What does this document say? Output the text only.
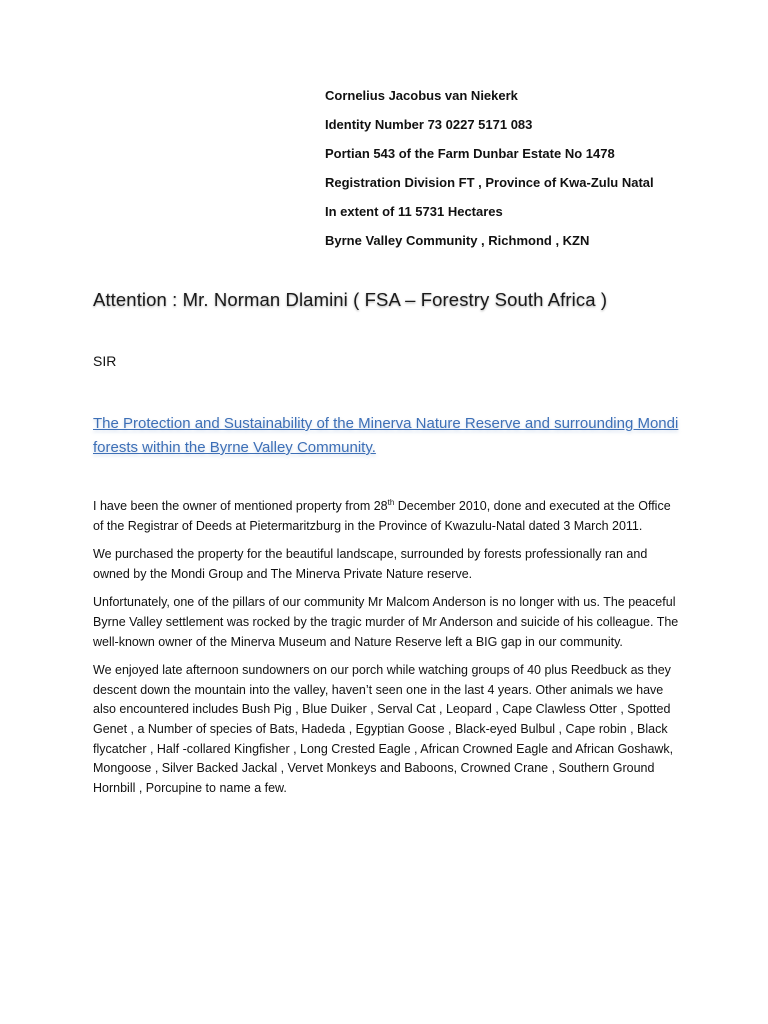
Cornelius Jacobus van Niekerk
Identity Number 73 0227 5171 083
Portian 543 of the Farm Dunbar Estate No 1478
Registration Division FT , Province of Kwa-Zulu Natal
In extent of 11 5731 Hectares
Byrne Valley Community , Richmond , KZN
Attention : Mr. Norman Dlamini ( FSA – Forestry South Africa )
SIR
The Protection and Sustainability of the Minerva Nature Reserve and surrounding Mondi forests within the Byrne Valley Community.

I have been the owner of mentioned property from 28th December 2010, done and executed at the Office of the Registrar of Deeds at Pietermaritzburg in the Province of Kwazulu-Natal dated 3 March 2011.

We purchased the property for the beautiful landscape, surrounded by forests professionally ran and owned by the Mondi Group and The Minerva Private Nature reserve.

Unfortunately, one of the pillars of our community Mr Malcom Anderson is no longer with us. The peaceful Byrne Valley settlement was rocked by the tragic murder of Mr Anderson and suicide of his colleague. The well-known owner of the Minerva Museum and Nature Reserve left a BIG gap in our community.

We enjoyed late afternoon sundowners on our porch while watching groups of 40 plus Reedbuck as they descent down the mountain into the valley, haven’t seen one in the last 4 years. Other animals we have also encountered includes Bush Pig , Blue Duiker , Serval Cat , Leopard , Cape Clawless Otter , Spotted Genet , a Number of species of Bats, Hadeda , Egyptian Goose , Black-eyed Bulbul , Cape robin , Black flycatcher , Half -collared Kingfisher , Long Crested Eagle , African Crowned Eagle and African Goshawk, Mongoose , Silver Backed Jackal , Vervet Monkeys and Baboons, Crowned Crane , Southern Ground Hornbill , Porcupine to name a few.
